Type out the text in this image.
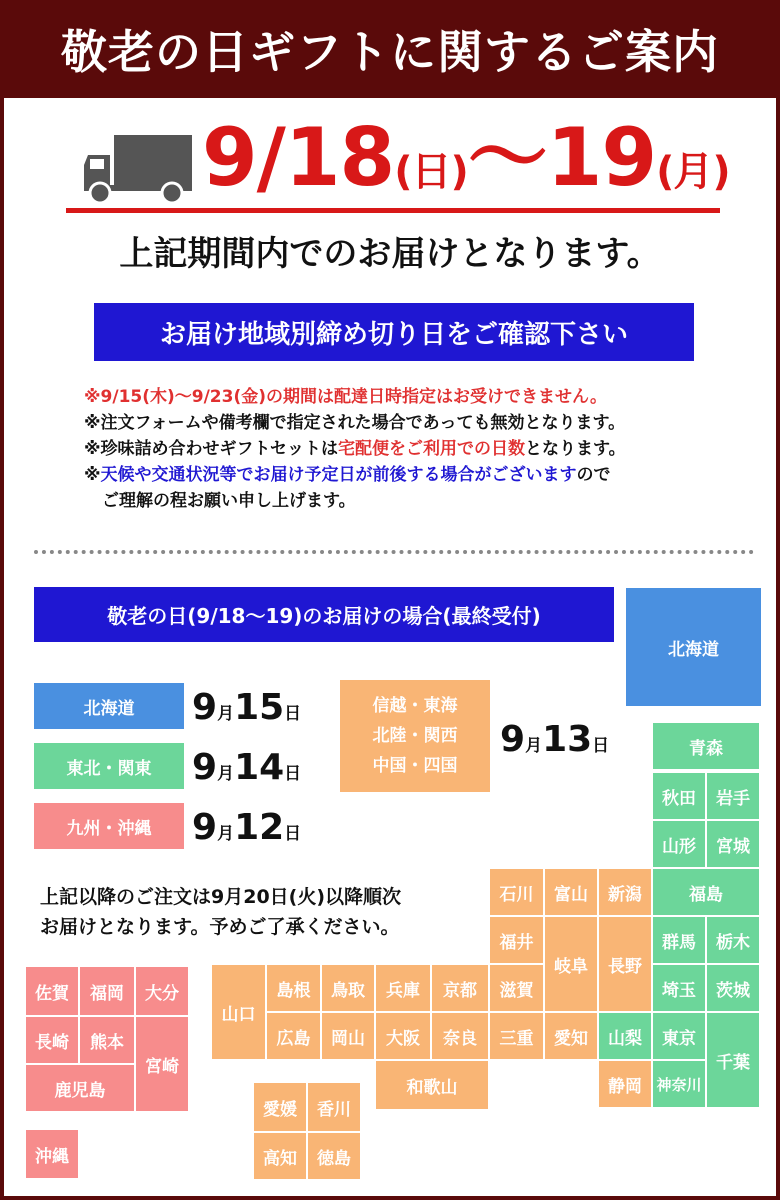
敬老の日ギフトに関するご案内
9/18(日)〜19(月)
上記期間内でのお届けとなります。
お届け地域別締め切り日をご確認下さい
※9/15(木)〜9/23(金)の期間は配達日時指定はお受けできません。
※注文フォームや備考欄で指定された場合であっても無効となります。
※珍味詰め合わせギフトセットは宅配便をご利用での日数となります。
※天候や交通状況等でお届け予定日が前後する場合がございますので
ご理解の程お願い申し上げます。
敬老の日(9/18〜19)のお届けの場合(最終受付)
北海道	9月15日
東北・関東	9月14日
九州・沖縄	9月12日
信越・東海
北陸・関西
中国・四国
9月13日
上記以降のご注文は9月20日(火)以降順次
お届けとなります。予めご了承ください。
北海道
青森
秋田	岩手
山形	宮城
福島
群馬	栃木
埼玉	茨城
東京
神奈川
千葉
山梨
新潟
富山
石川
福井
岐阜	長野
静岡
愛知
三重
滋賀
京都
兵庫
鳥取
島根
山口
広島	岡山	大阪	奈良
和歌山
愛媛	香川
高知	徳島
佐賀	福岡	大分
長崎	熊本
宮崎
鹿児島
沖縄
